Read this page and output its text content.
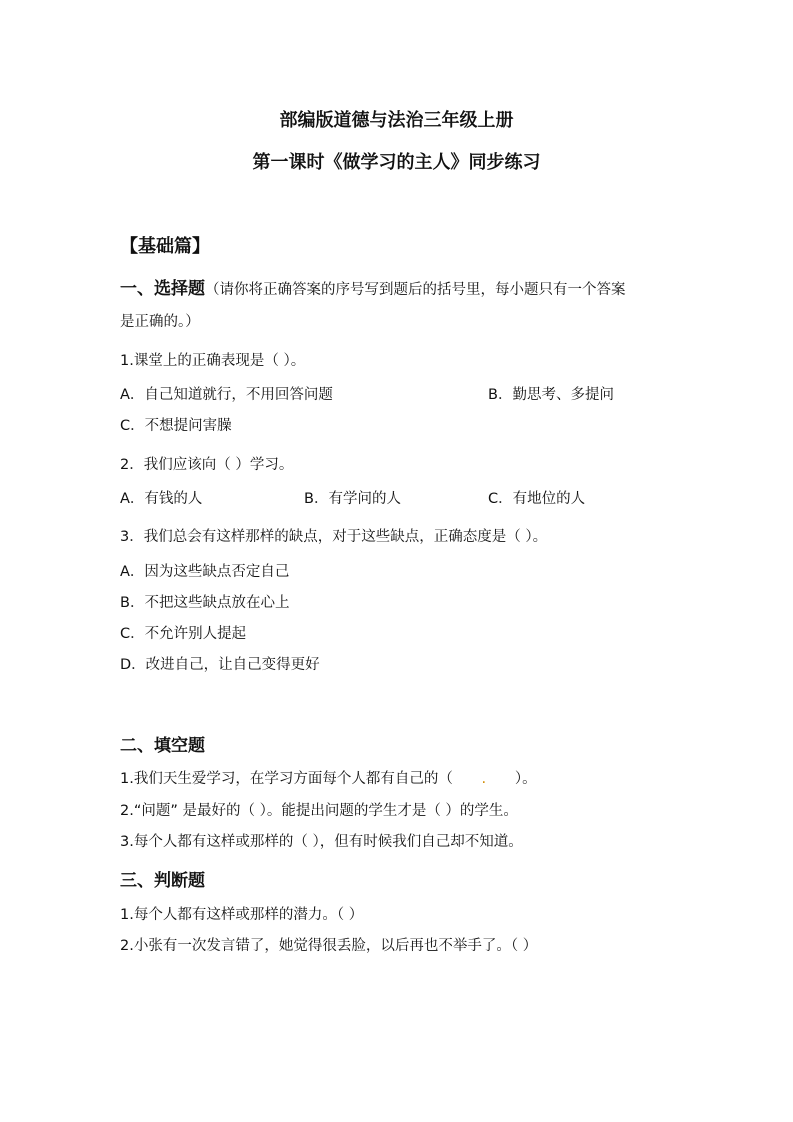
部编版道德与法治三年级上册
第一课时《做学习的主人》同步练习
【基础篇】
一、选择题（请你将正确答案的序号写到题后的括号里，每小题只有一个答案
是正确的。）
1.课堂上的正确表现是（ ）。
A．自己知道就行，不用回答问题	B．勤思考、多提问
C．不想提问害臊
2．我们应该向（ ）学习。
A．有钱的人	B．有学问的人	C．有地位的人
3．我们总会有这样那样的缺点，对于这些缺点，正确态度是（ ）。
A．因为这些缺点否定自己
B．不把这些缺点放在心上
C．不允许别人提起
D．改进自己，让自己变得更好
二、填空题
1.我们天生爱学习，在学习方面每个人都有自己的（ . ）。
2.“问题” 是最好的（ ）。能提出问题的学生才是（ ）的学生。
3.每个人都有这样或那样的（ ），但有时候我们自己却不知道。
三、判断题
1.每个人都有这样或那样的潜力。（ ）
2.小张有一次发言错了，她觉得很丢脸，以后再也不举手了。（ ）
